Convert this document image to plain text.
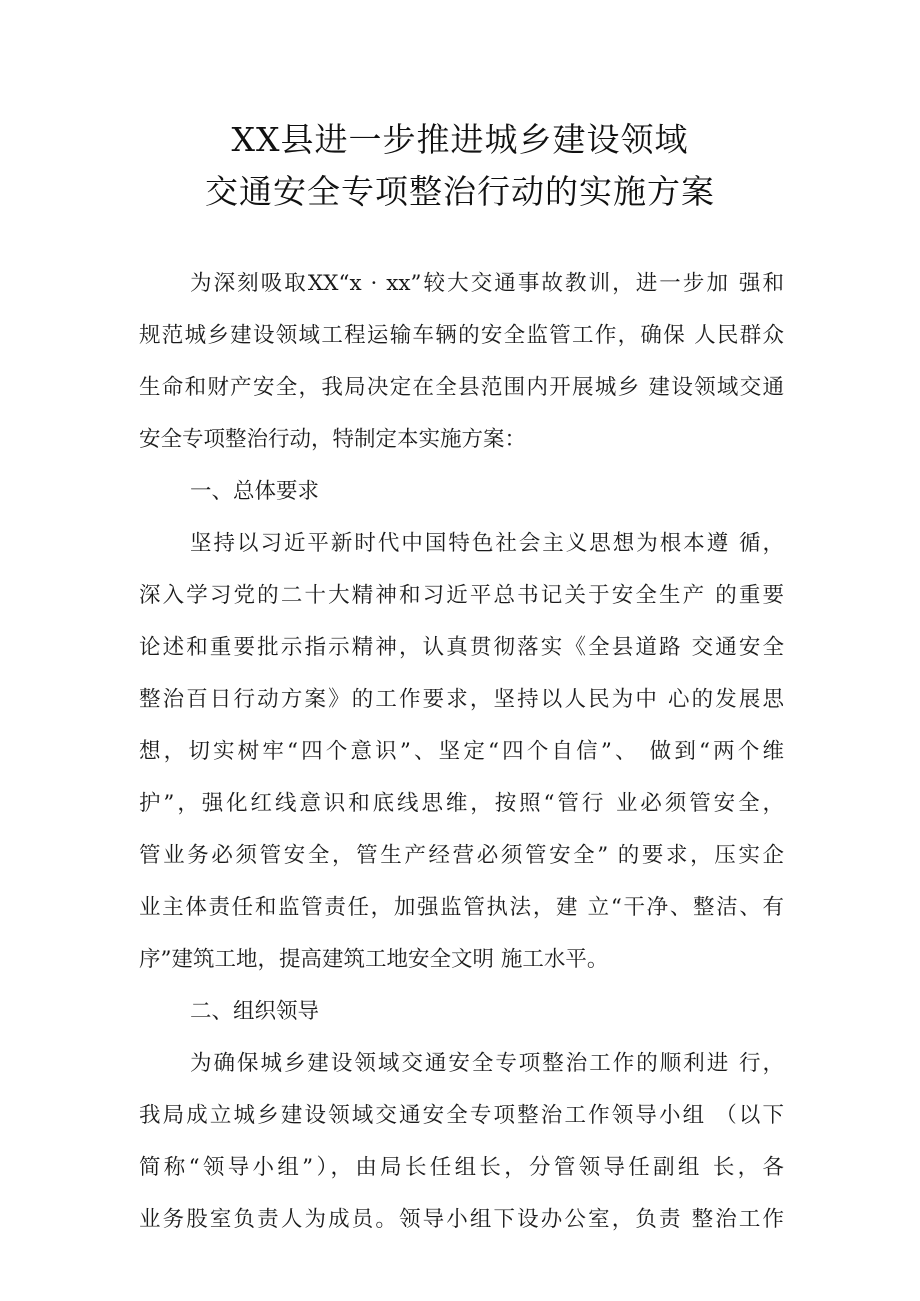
XX县进一步推进城乡建设领域
交通安全专项整治行动的实施方案
为深刻吸取XX“x · xx”较大交通事故教训，进一步加 强和
规范城乡建设领域工程运输车辆的安全监管工作，确保 人民群众
生命和财产安全，我局决定在全县范围内开展城乡 建设领域交通
安全专项整治行动，特制定本实施方案：
一、总体要求
坚持以习近平新时代中国特色社会主义思想为根本遵 循，
深入学习党的二十大精神和习近平总书记关于安全生产 的重要
论述和重要批示指示精神，认真贯彻落实《全县道路 交通安全
整治百日行动方案》的工作要求，坚持以人民为中 心的发展思
想，切实树牢“四个意识”、坚定“四个自信”、 做到“两个维
护”，强化红线意识和底线思维，按照“管行 业必须管安全，
管业务必须管安全，管生产经营必须管安全” 的要求，压实企
业主体责任和监管责任，加强监管执法，建 立“干净、整洁、有
序”建筑工地，提高建筑工地安全文明 施工水平。
二、组织领导
为确保城乡建设领域交通安全专项整治工作的顺利进 行，
我局成立城乡建设领域交通安全专项整治工作领导小组 （以下
简称“领导小组”），由局长任组长，分管领导任副组 长，各
业务股室负责人为成员。领导小组下设办公室，负责 整治工作
